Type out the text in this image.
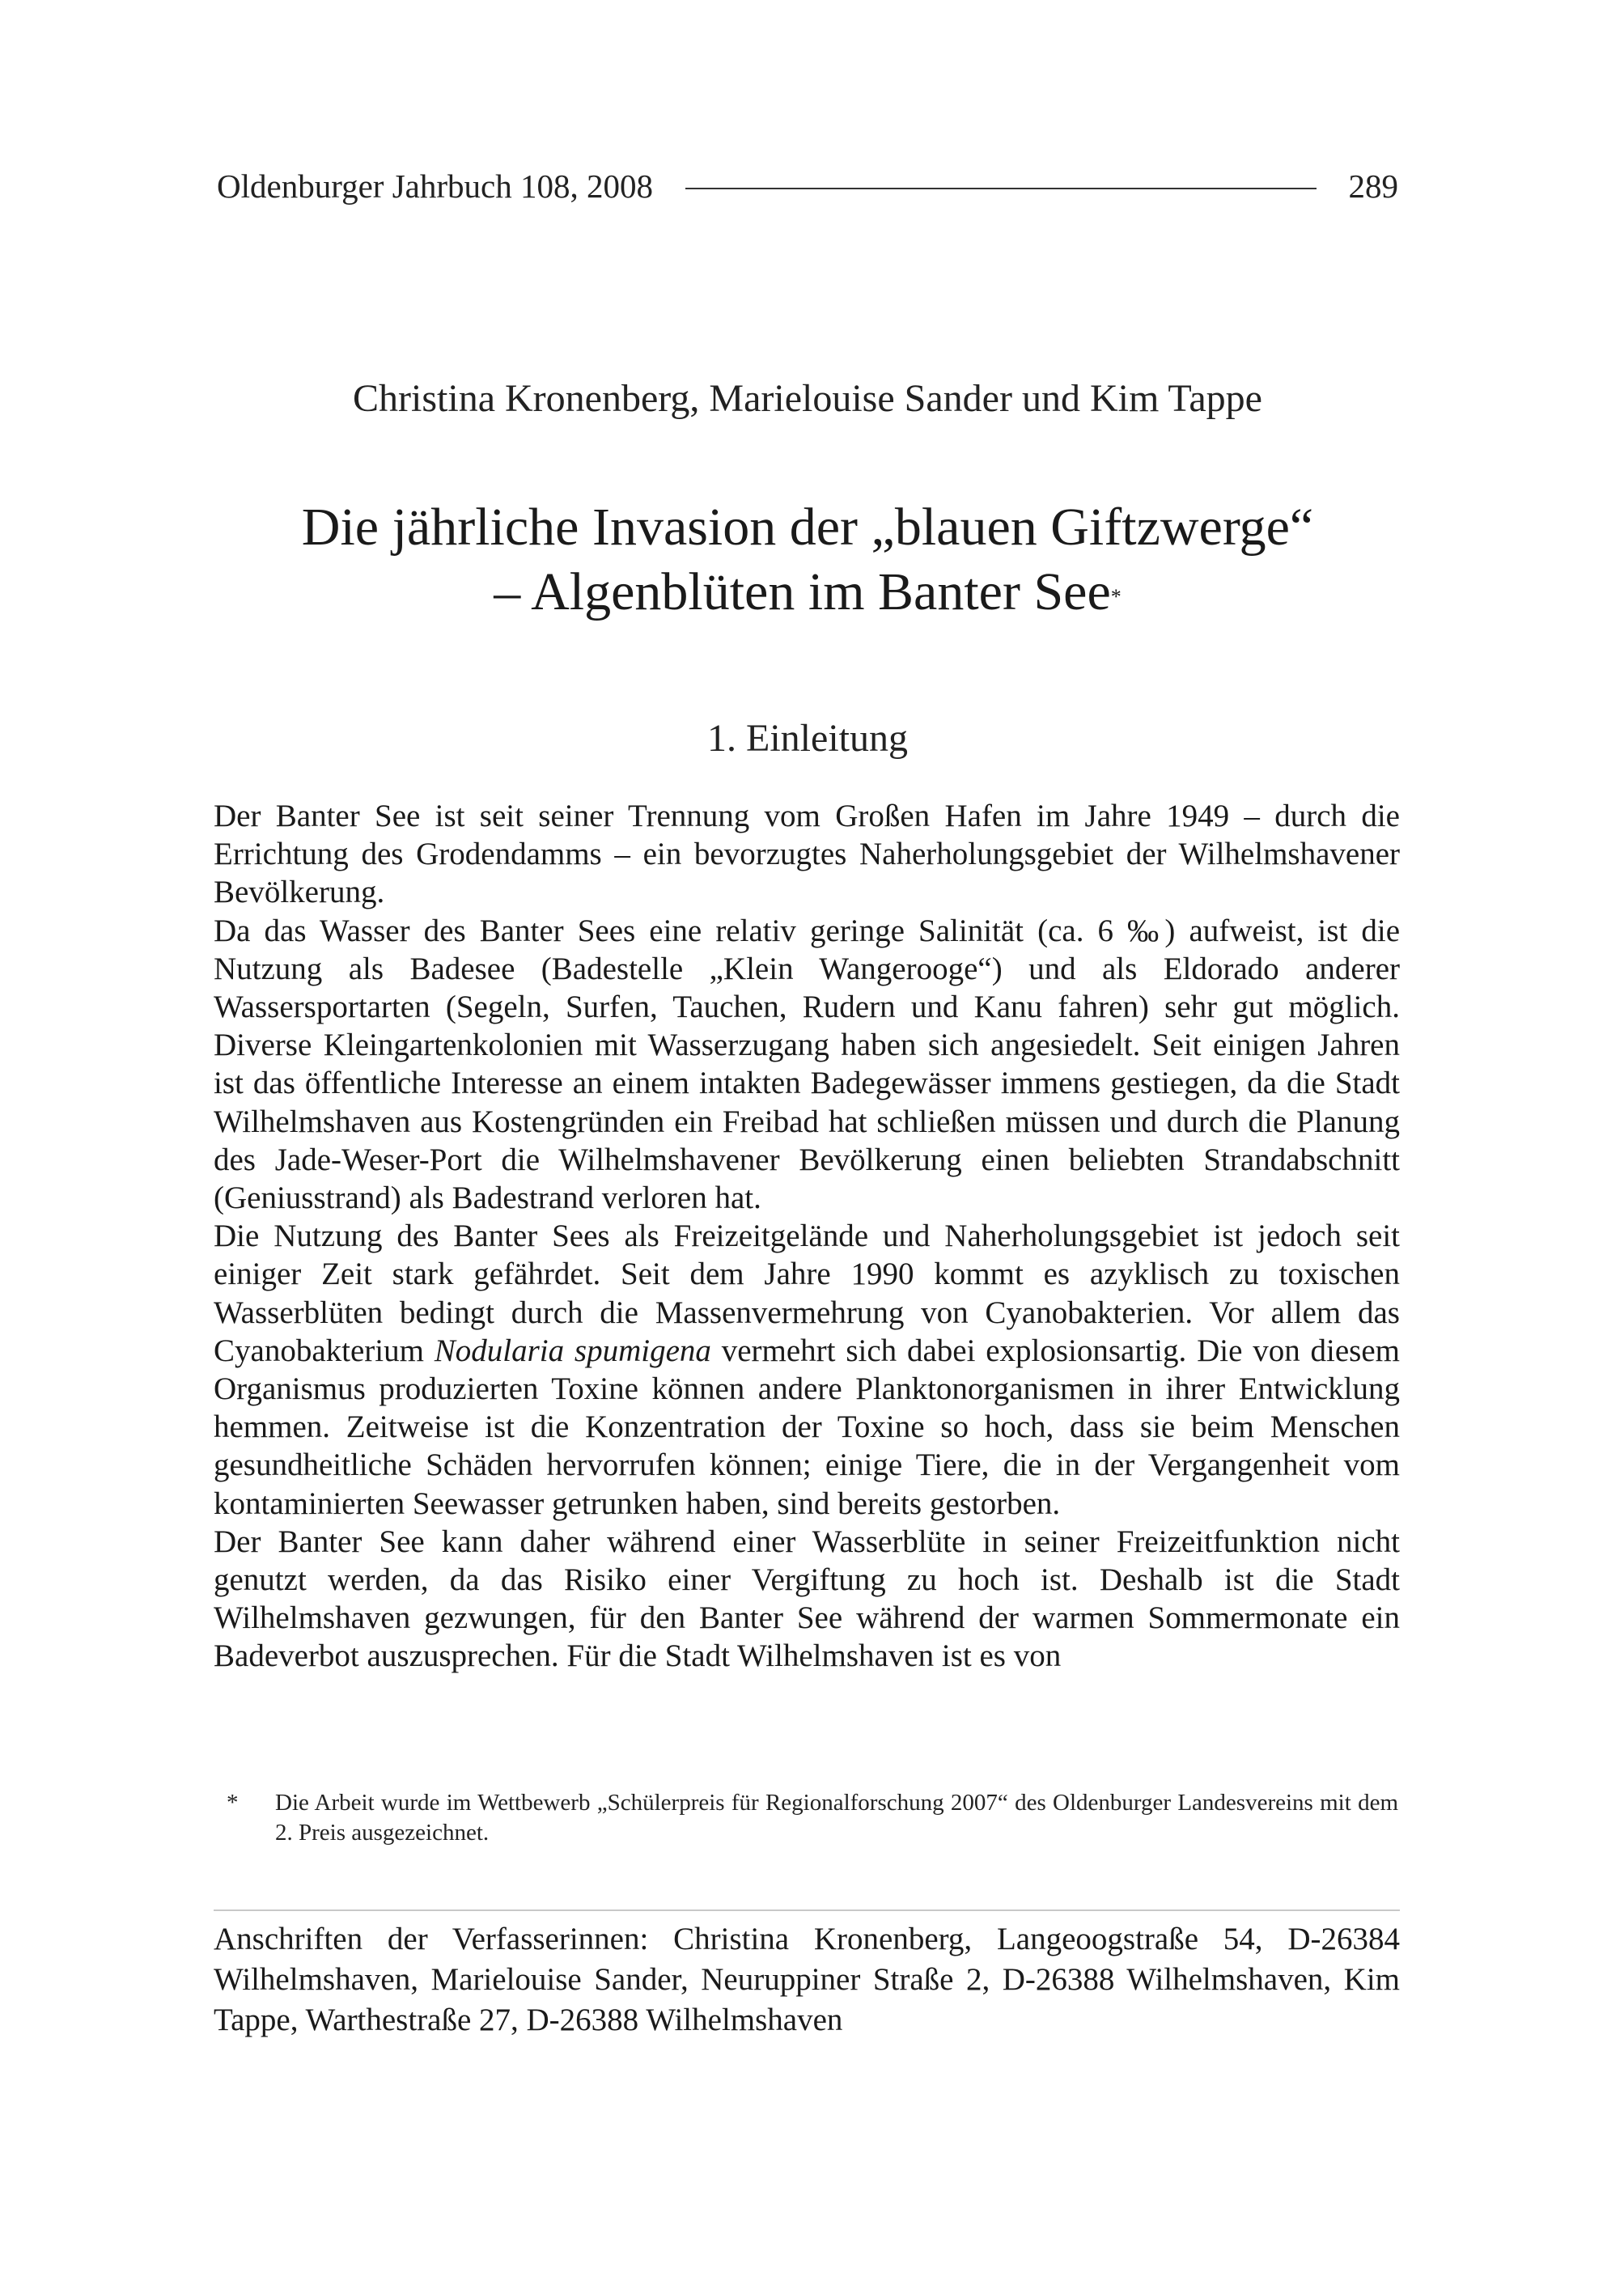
Oldenburger Jahrbuch 108, 2008	289
Christina Kronenberg, Marielouise Sander und Kim Tappe
Die jährliche Invasion der „blauen Giftzwerge“
– Algenblüten im Banter See*
1. Einleitung

Der Banter See ist seit seiner Trennung vom Großen Hafen im Jahre 1949 – durch die Errichtung des Grodendamms – ein bevorzugtes Naherholungsgebiet der Wilhelmshavener Bevölkerung.

Da das Wasser des Banter Sees eine relativ geringe Salinität (ca. 6 ‰) aufweist, ist die Nutzung als Badesee (Badestelle „Klein Wangerooge“) und als Eldorado anderer Wassersportarten (Segeln, Surfen, Tauchen, Rudern und Kanu fahren) sehr gut möglich. Diverse Kleingartenkolonien mit Wasserzugang haben sich angesiedelt. Seit einigen Jahren ist das öffentliche Interesse an einem intakten Badegewässer immens gestiegen, da die Stadt Wilhelmshaven aus Kostengründen ein Freibad hat schließen müssen und durch die Planung des Jade-Weser-Port die Wilhelmshavener Bevölkerung einen beliebten Strandabschnitt (Geniusstrand) als Badestrand verloren hat.

Die Nutzung des Banter Sees als Freizeitgelände und Naherholungsgebiet ist jedoch seit einiger Zeit stark gefährdet. Seit dem Jahre 1990 kommt es azyklisch zu toxischen Wasserblüten bedingt durch die Massenvermehrung von Cyanobakterien. Vor allem das Cyanobakterium Nodularia spumigena vermehrt sich dabei explosionsartig. Die von diesem Organismus produzierten Toxine können andere Planktonorganismen in ihrer Entwicklung hemmen. Zeitweise ist die Konzentration der Toxine so hoch, dass sie beim Menschen gesundheitliche Schäden hervorrufen können; einige Tiere, die in der Vergangenheit vom kontaminierten Seewasser getrunken haben, sind bereits gestorben.

Der Banter See kann daher während einer Wasserblüte in seiner Freizeitfunktion nicht genutzt werden, da das Risiko einer Vergiftung zu hoch ist. Deshalb ist die Stadt Wilhelmshaven gezwungen, für den Banter See während der warmen Sommermonate ein Badeverbot auszusprechen. Für die Stadt Wilhelmshaven ist es von

*	Die Arbeit wurde im Wettbewerb „Schülerpreis für Regionalforschung 2007“ des Oldenburger Landesvereins mit dem 2. Preis ausgezeichnet.

Anschriften der Verfasserinnen: Christina Kronenberg, Langeoogstraße 54, D-26384 Wilhelmshaven, Marielouise Sander, Neuruppiner Straße 2, D-26388 Wilhelmshaven, Kim Tappe, Warthestraße 27, D-26388 Wilhelmshaven
